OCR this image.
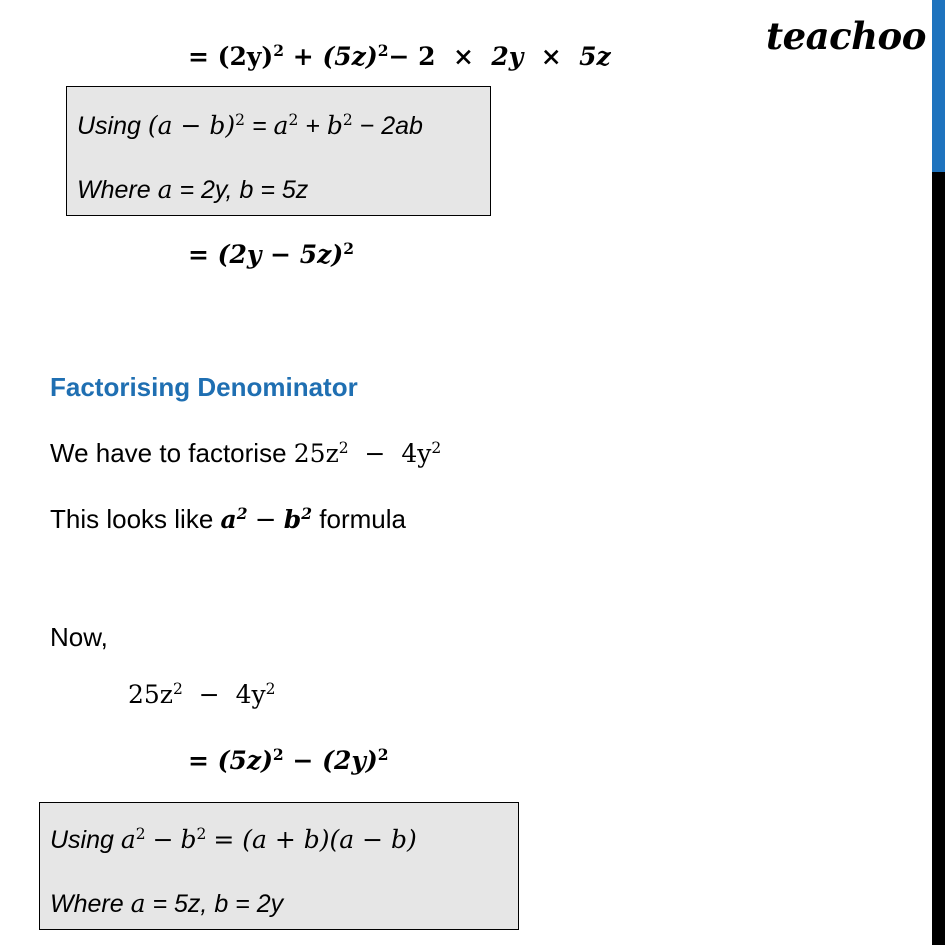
teachoo
= $(2y)^2 + (5z)^2- 2 \times 2y \times 5z$
Using $(a - b)^2 = a^2 + b^2 - 2ab$
Where a = 2y, b = 5z
= $(2y - 5z)^2$
Factorising Denominator
We have to factorise $25z^2 - 4y^2$
This looks like $a^2 - b^2$ formula
Now,
$25z^2 - 4y^2$
= $(5z)^2 - (2y)^2$
Using $a^2 - b^2 = (a + b)(a - b)$
Where a = 5z, b = 2y
